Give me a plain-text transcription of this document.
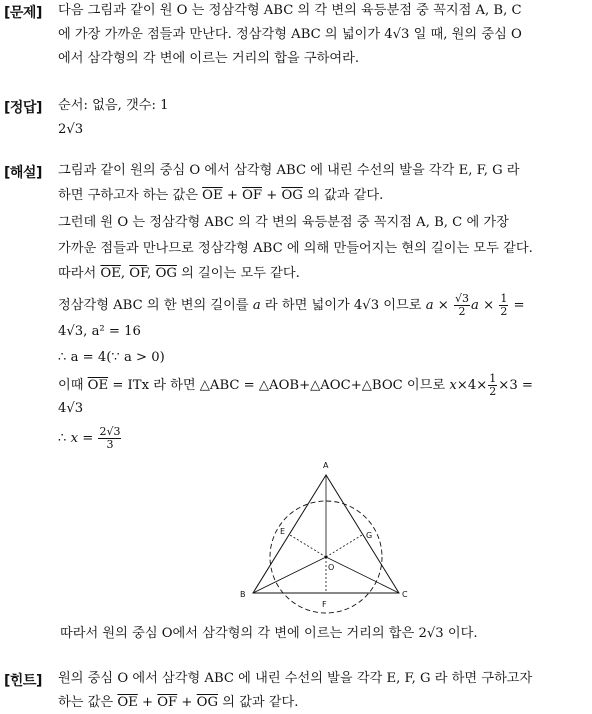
[문제] 다음 그림과 같이 원 O 는 정삼각형 ABC 의 각 변의 육등분점 중 꼭지점 A, B, C
에 가장 가까운 점들과 만난다. 정삼각형 ABC 의 넓이가 4√3 일 때, 원의 중심 O
에서 삼각형의 각 변에 이르는 거리의 합을 구하여라.
[정답] 순서: 없음, 갯수: 1
2√3
[해설] 그림과 같이 원의 중심 O 에서 삼각형 ABC 에 내린 수선의 발을 각각 E, F, G 라
하면 구하고자 하는 값은 $\overline{OE} + \overline{OF} + \overline{OG}$ 의 값과 같다.
그런데 원 O 는 정삼각형 ABC 의 각 변의 육등분점 중 꼭지점 A, B, C 에 가장
가까운 점들과 만나므로 정삼각형 ABC 에 의해 만들어지는 현의 길이는 모두 같다.
따라서 $\overline{OE}$, $\overline{OF}$, $\overline{OG}$ 의 길이는 모두 같다.
정삼각형 ABC 의 한 변의 길이를 a 라 하면 넓이가 4√3 이므로 $a \times \frac{√3}{2}$ $a \times \frac{1}{2}$ =
4√3, a² = 16
∴ a = 4(∵ a > 0)
이때 $\overline{OE}$ = ITx 라 하면 △ABC = △AOB+△AOC+△BOC 이므로 $x\times 4\times \frac{1}{2} \times 3$ =
4√3
∴ $x = \frac{2√3}{3}$
A
B	C
E	G
F
O
따라서 원의 중심 O에서 삼각형의 각 변에 이르는 거리의 합은 2√3 이다.
[힌트] 원의 중심 O 에서 삼각형 ABC 에 내린 수선의 발을 각각 E, F, G 라 하면 구하고자
하는 값은 $\overline{OE} + \overline{OF} + \overline{OG}$ 의 값과 같다.
